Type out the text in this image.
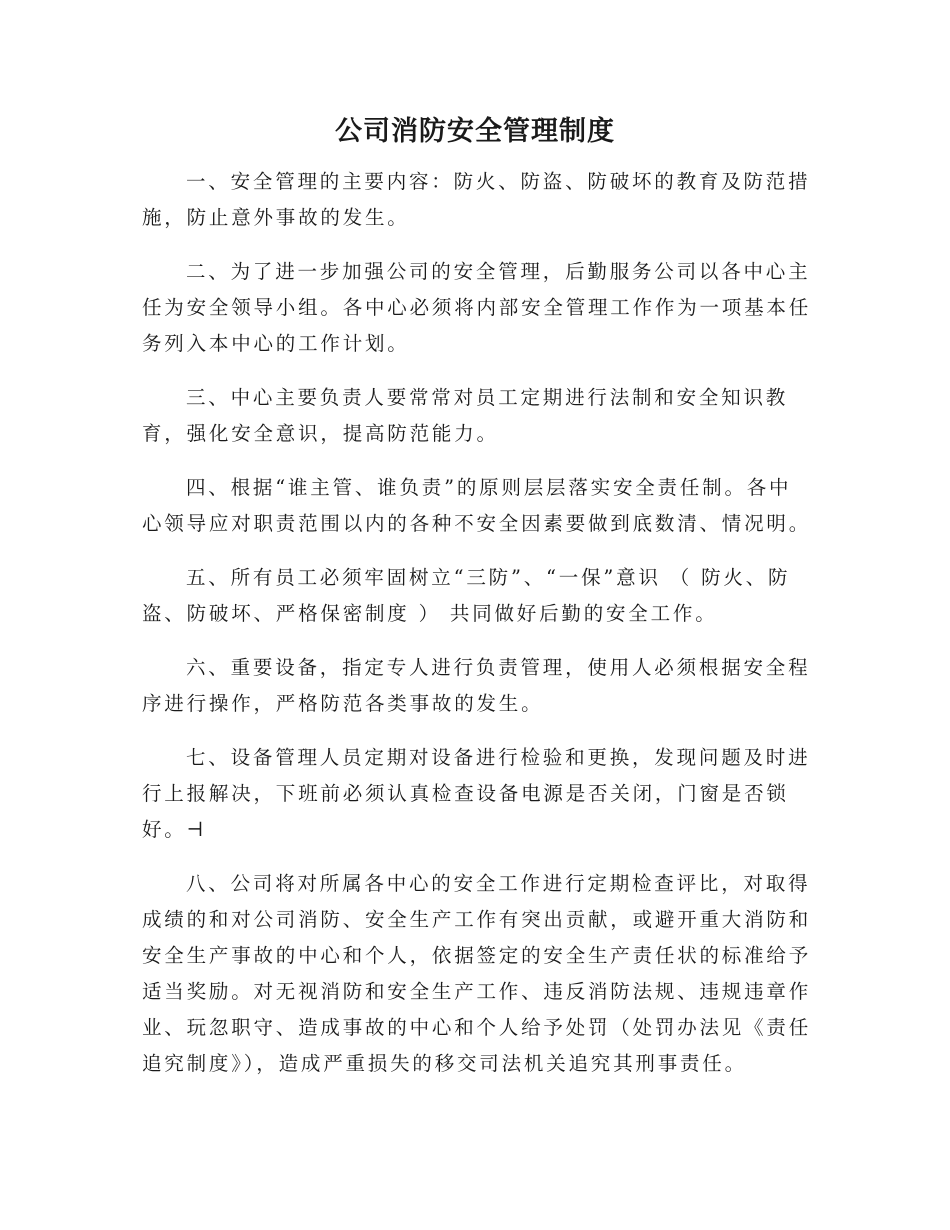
公司消防安全管理制度

一、安全管理的主要内容：防火、防盗、防破坏的教育及防范措
施，防止意外事故的发生。

二、为了进一步加强公司的安全管理，后勤服务公司以各中心主
任为安全领导小组。各中心必须将内部安全管理工作作为一项基本任
务列入本中心的工作计划。

三、中心主要负责人要常常对员工定期进行法制和安全知识教
育，强化安全意识，提高防范能力。

四、根据“谁主管、谁负责”的原则层层落实安全责任制。各中
心领导应对职责范围以内的各种不安全因素要做到底数清、情况明。

五、所有员工必须牢固树立“三防”、“一保”意识 （ 防火、防
盗、防破坏、严格保密制度 ） 共同做好后勤的安全工作。

六、重要设备，指定专人进行负责管理，使用人必须根据安全程
序进行操作，严格防范各类事故的发生。

七、设备管理人员定期对设备进行检验和更换，发现问题及时进
行上报解决，下班前必须认真检查设备电源是否关闭，门窗是否锁
好。⊣

八、公司将对所属各中心的安全工作进行定期检查评比，对取得
成绩的和对公司消防、安全生产工作有突出贡献，或避开重大消防和
安全生产事故的中心和个人，依据签定的安全生产责任状的标准给予
适当奖励。对无视消防和安全生产工作、违反消防法规、违规违章作
业、玩忽职守、造成事故的中心和个人给予处罚（处罚办法见《责任
追究制度》），造成严重损失的移交司法机关追究其刑事责任。
